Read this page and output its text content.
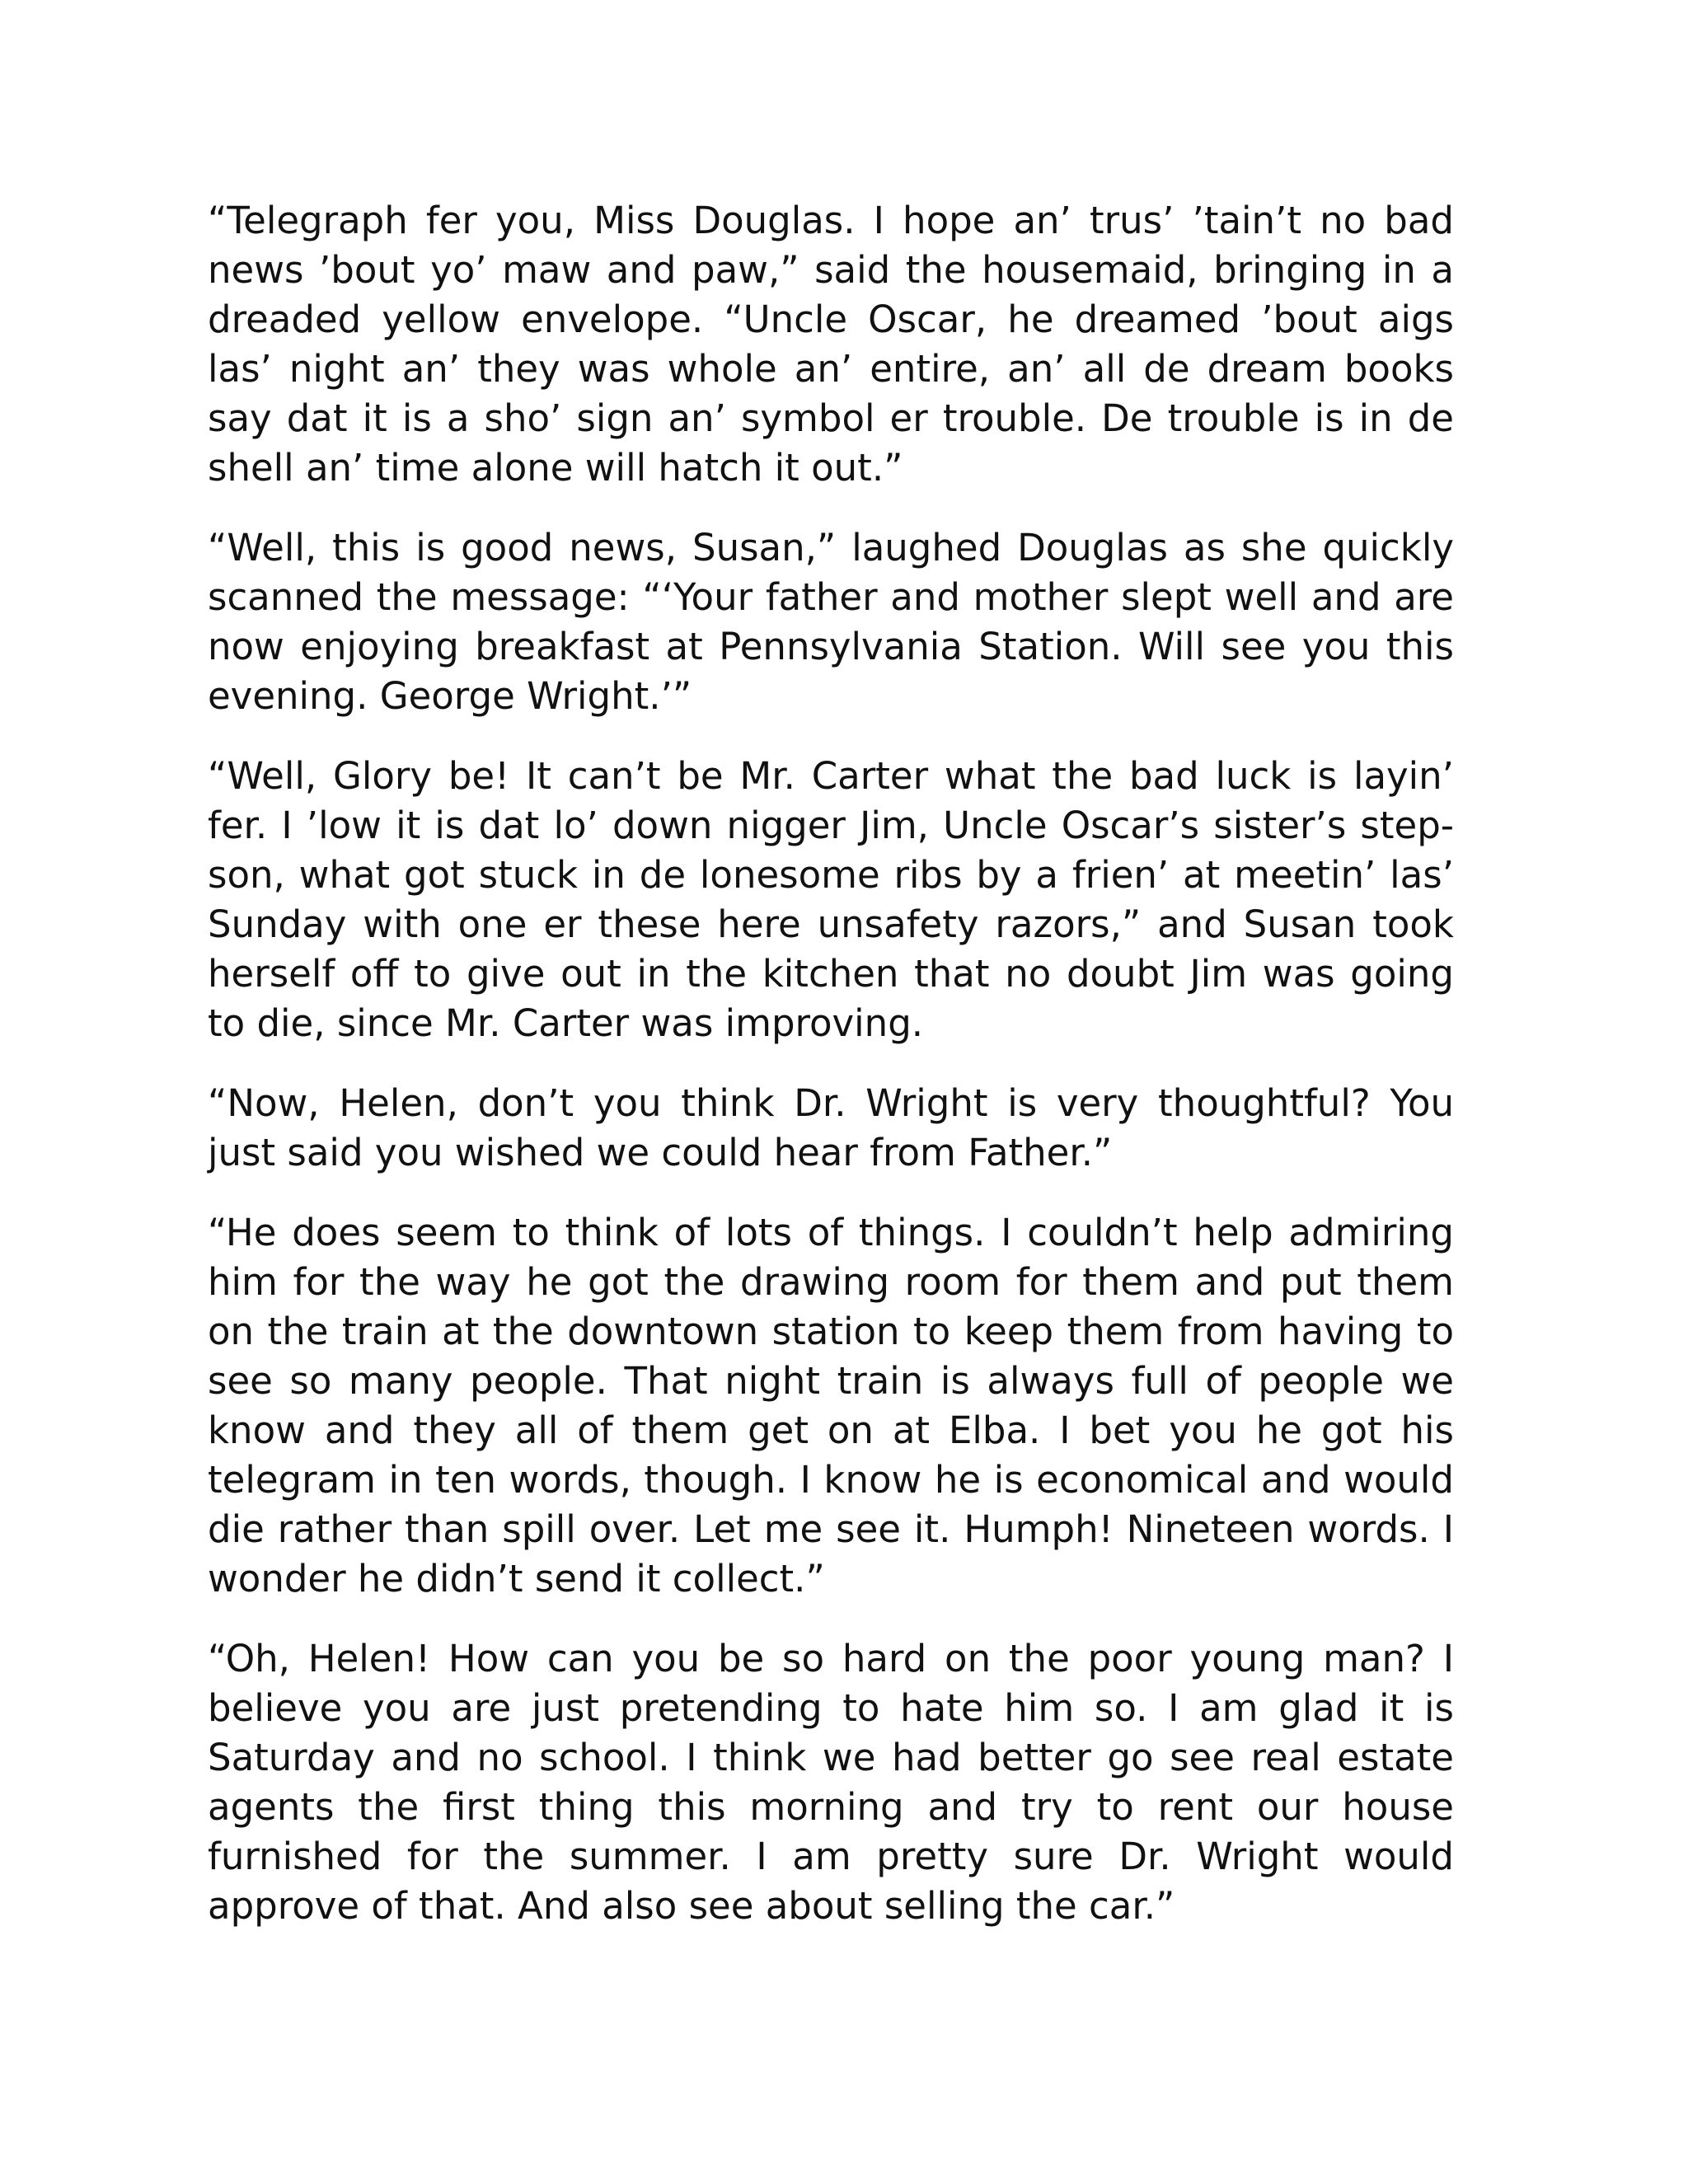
“Telegraph fer you, Miss Douglas. I hope an’ trus’ ’tain’t no bad news ’bout yo’ maw and paw,” said the housemaid, bringing in a dreaded yellow envelope. “Uncle Oscar, he dreamed ’bout aigs las’ night an’ they was whole an’ entire, an’ all de dream books say dat it is a sho’ sign an’ symbol er trouble. De trouble is in de shell an’ time alone will hatch it out.”

“Well, this is good news, Susan,” laughed Douglas as she quickly scanned the message: “‘Your father and mother slept well and are now enjoying breakfast at Pennsylvania Station. Will see you this evening. George Wright.’”

“Well, Glory be! It can’t be Mr. Carter what the bad luck is layin’ fer. I ’low it is dat lo’ down nigger Jim, Uncle Oscar’s sister’s step-son, what got stuck in de lonesome ribs by a frien’ at meetin’ las’ Sunday with one er these here unsafety razors,” and Susan took herself off to give out in the kitchen that no doubt Jim was going to die, since Mr. Carter was improving.

“Now, Helen, don’t you think Dr. Wright is very thoughtful? You just said you wished we could hear from Father.”

“He does seem to think of lots of things. I couldn’t help admiring him for the way he got the drawing room for them and put them on the train at the downtown station to keep them from having to see so many people. That night train is always full of people we know and they all of them get on at Elba. I bet you he got his telegram in ten words, though. I know he is economical and would die rather than spill over. Let me see it. Humph! Nineteen words. I wonder he didn’t send it collect.”

“Oh, Helen! How can you be so hard on the poor young man? I believe you are just pretending to hate him so. I am glad it is Saturday and no school. I think we had better go see real estate agents the first thing this morning and try to rent our house furnished for the summer. I am pretty sure Dr. Wright would approve of that. And also see about selling the car.”
